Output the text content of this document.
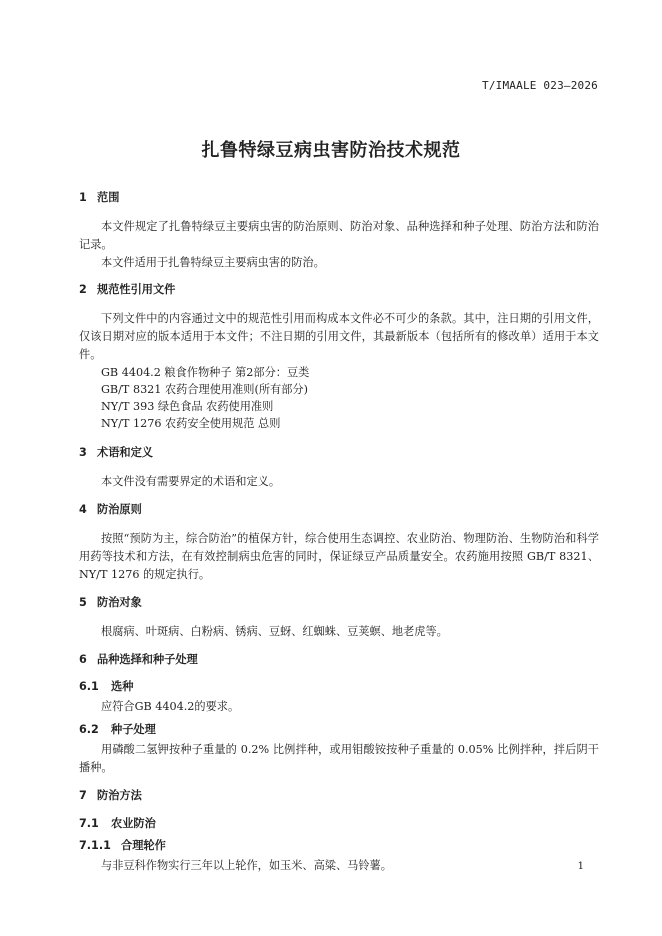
T/IMAALE 023—2026
扎鲁特绿豆病虫害防治技术规范
1 范围

本文件规定了扎鲁特绿豆主要病虫害的防治原则、防治对象、品种选择和种子处理、防治方法和防治记录。

本文件适用于扎鲁特绿豆主要病虫害的防治。

2 规范性引用文件

下列文件中的内容通过文中的规范性引用而构成本文件必不可少的条款。其中，注日期的引用文件，仅该日期对应的版本适用于本文件；不注日期的引用文件，其最新版本（包括所有的修改单）适用于本文件。

GB 4404.2 粮食作物种子 第2部分：豆类
GB/T 8321 农药合理使用准则(所有部分)
NY/T 393 绿色食品 农药使用准则
NY/T 1276 农药安全使用规范 总则
3 术语和定义

本文件没有需要界定的术语和定义。

4 防治原则

按照“预防为主，综合防治”的植保方针，综合使用生态调控、农业防治、物理防治、生物防治和科学用药等技术和方法，在有效控制病虫危害的同时，保证绿豆产品质量安全。农药施用按照 GB/T 8321、NY/T 1276 的规定执行。

5 防治对象

根腐病、叶斑病、白粉病、锈病、豆蚜、红蜘蛛、豆荚螟、地老虎等。

6 品种选择和种子处理
6.1 选种

应符合GB 4404.2的要求。

6.2 种子处理

用磷酸二氢钾按种子重量的 0.2% 比例拌种，或用钼酸铵按种子重量的 0.05% 比例拌种，拌后阴干播种。

7 防治方法
7.1 农业防治
7.1.1 合理轮作

与非豆科作物实行三年以上轮作，如玉米、高粱、马铃薯。	1
